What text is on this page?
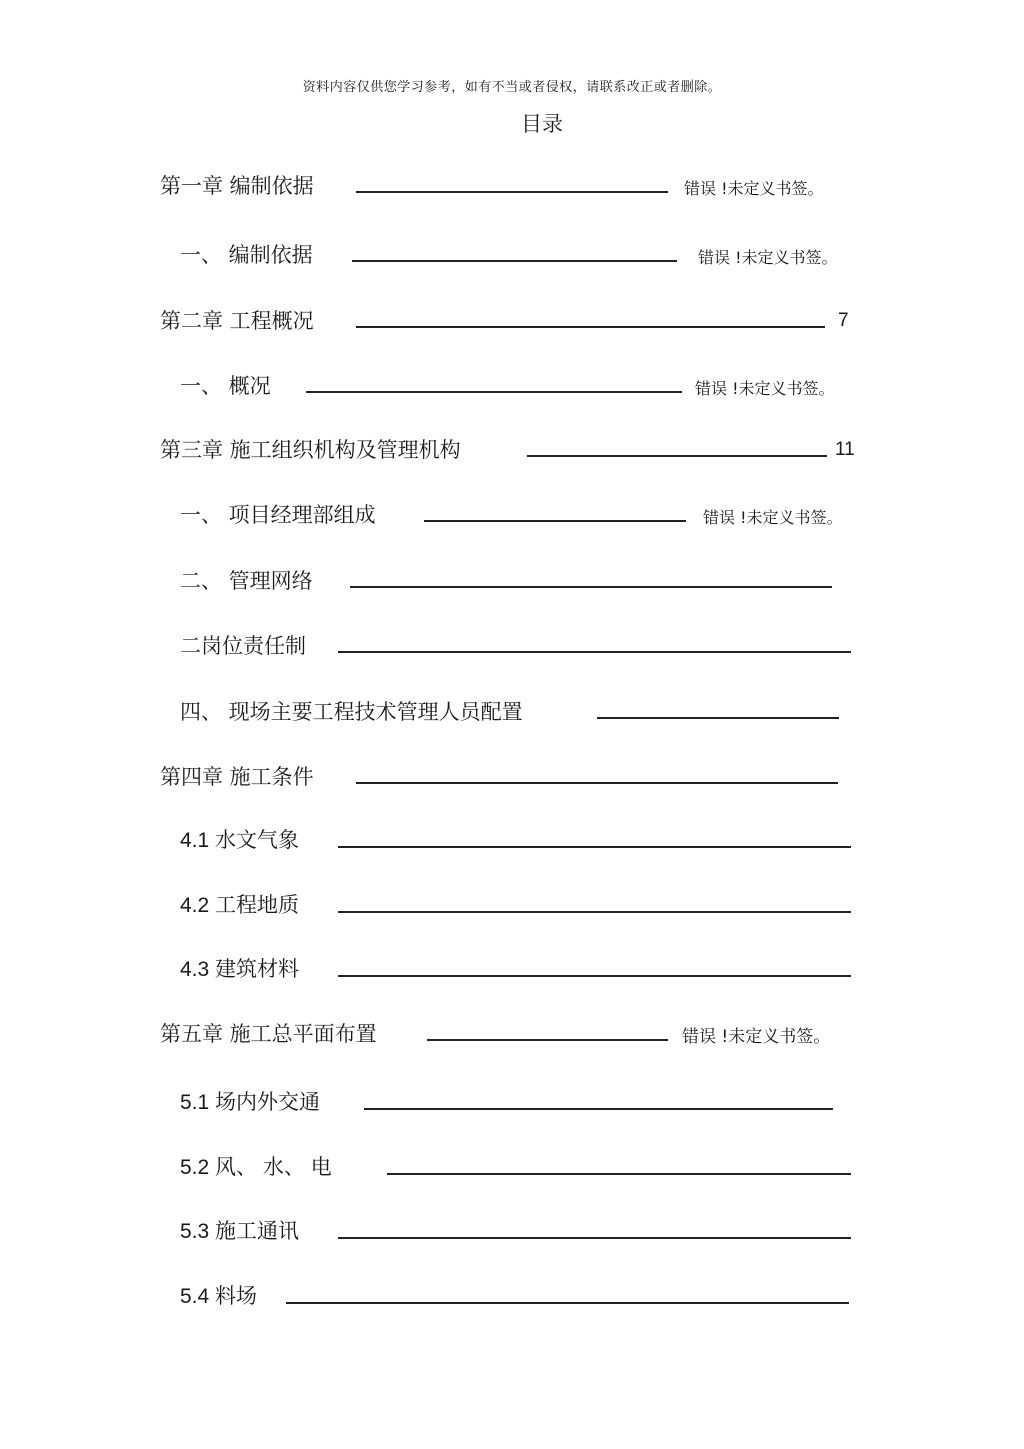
资料内容仅供您学习参考，如有不当或者侵权，请联系改正或者删除。
目录
第一章 编制依据	错误 !未定义书签。
一、 编制依据	错误 !未定义书签。
第二章 工程概况	7
一、 概况	错误 !未定义书签。
第三章 施工组织机构及管理机构	11
一、 项目经理部组成	错误 !未定义书签。
二、 管理网络
二岗位责任制
四、 现场主要工程技术管理人员配置
第四章 施工条件
4.1 水文气象
4.2 工程地质
4.3 建筑材料
第五章 施工总平面布置	错误 !未定义书签。
5.1 场内外交通
5.2 风、 水、 电
5.3 施工通讯
5.4 料场
